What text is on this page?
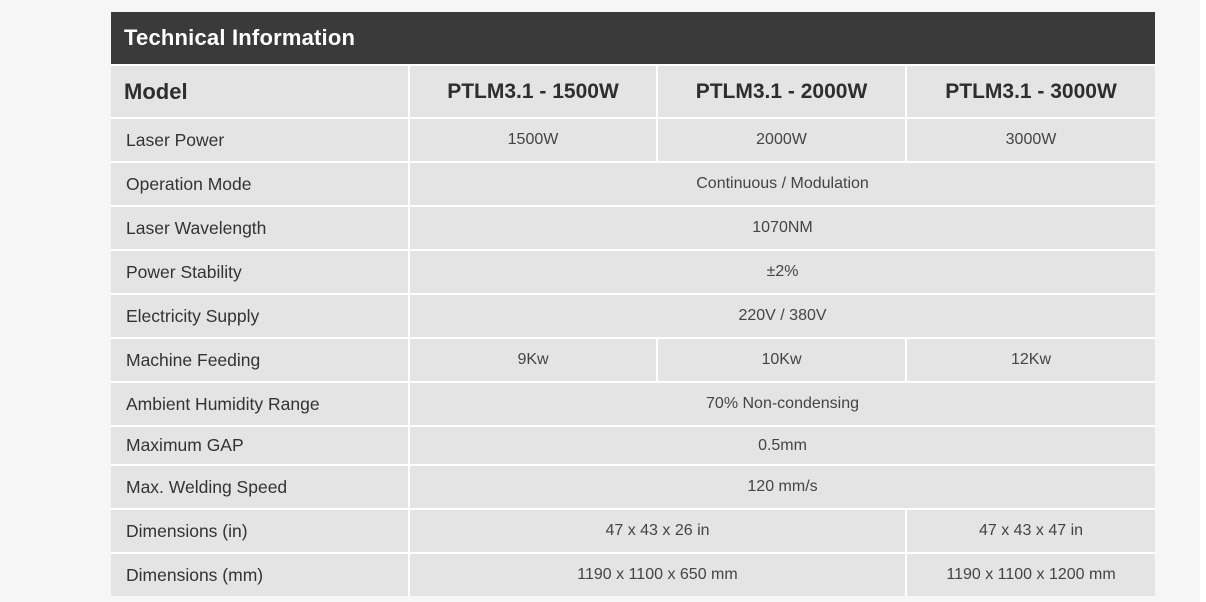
Technical Information			
Model	PTLM3.1 - 1500W	PTLM3.1 - 2000W	PTLM3.1 - 3000W
Laser Power	1500W	2000W	3000W
Operation Mode	Continuous / Modulation		
Laser Wavelength	1070NM		
Power Stability	±2%		
Electricity Supply	220V / 380V		
Machine Feeding	9Kw	10Kw	12Kw
Ambient Humidity Range	70% Non-condensing		
Maximum GAP	0.5mm		
Max. Welding Speed	120 mm/s		
Dimensions (in)	47 x 43 x 26 in		47 x 43 x 47 in
Dimensions (mm)	1190 x 1100 x 650 mm		1190 x 1100 x 1200 mm
